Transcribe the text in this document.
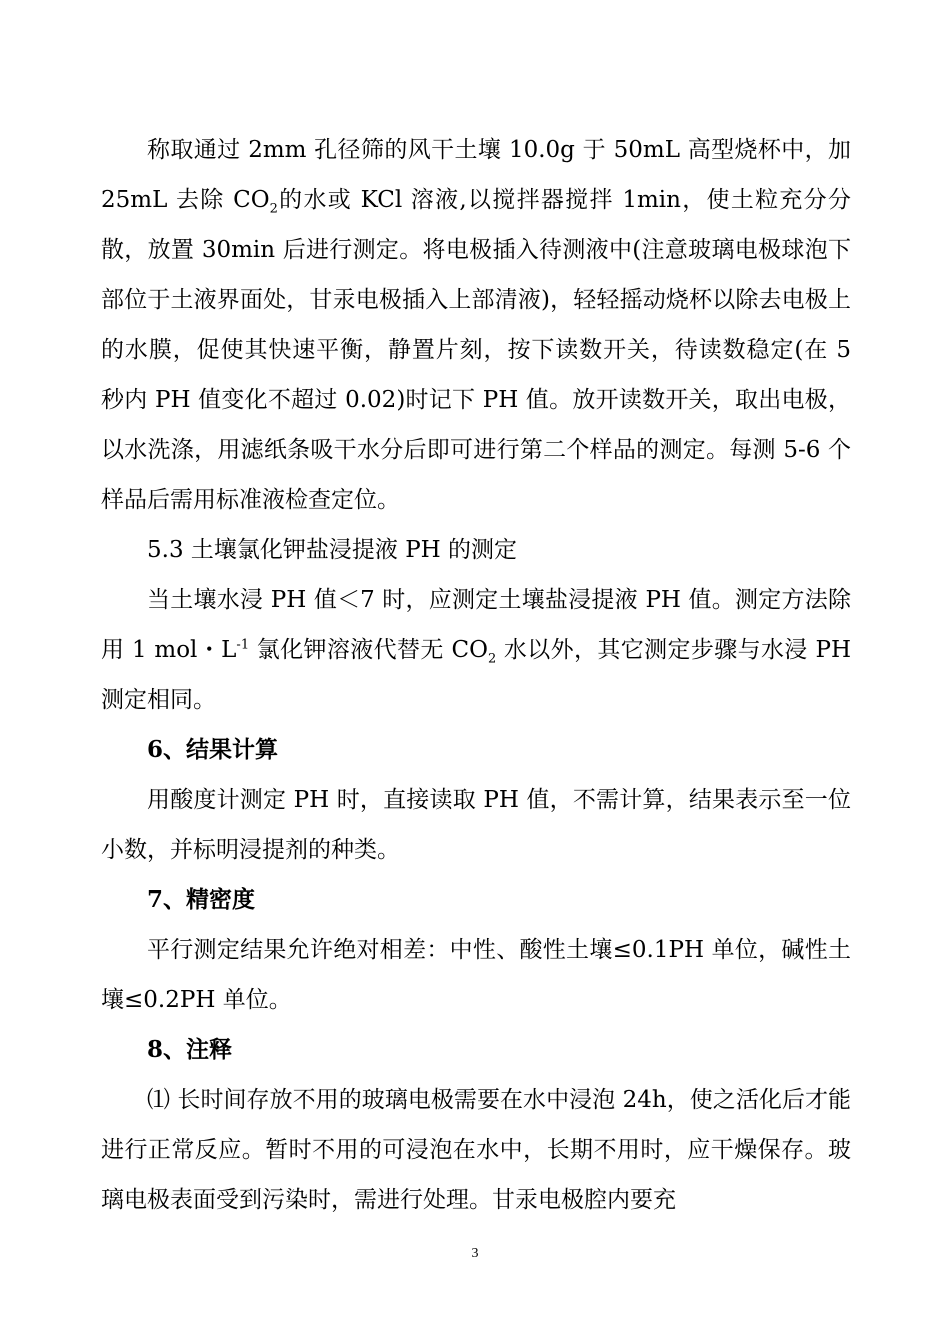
称取通过 2mm 孔径筛的风干土壤 10.0g 于 50mL 高型烧杯中，加 25mL 去除 $CO_2$的水或 KCl 溶液,以搅拌器搅拌 1min，使土粒充分分散，放置 30min 后进行测定。将电极插入待测液中(注意玻璃电极球泡下部位于土液界面处，甘汞电极插入上部清液)，轻轻摇动烧杯以除去电极上的水膜，促使其快速平衡，静置片刻，按下读数开关，待读数稳定(在 5 秒内 PH 值变化不超过 0.02)时记下 PH 值。放开读数开关，取出电极，以水洗涤，用滤纸条吸干水分后即可进行第二个样品的测定。每测 5-6 个样品后需用标准液检查定位。

5.3 土壤氯化钾盐浸提液 PH 的测定

当土壤水浸 PH 值＜7 时，应测定土壤盐浸提液 PH 值。测定方法除用 1 mol・$L^{-1}$ 氯化钾溶液代替无 $CO_2$ 水以外，其它测定步骤与水浸 PH 测定相同。

6、结果计算

用酸度计测定 PH 时，直接读取 PH 值，不需计算，结果表示至一位小数，并标明浸提剂的种类。

7、精密度

平行测定结果允许绝对相差：中性、酸性土壤≤0.1PH 单位，碱性土壤≤0.2PH 单位。

8、注释

⑴ 长时间存放不用的玻璃电极需要在水中浸泡 24h，使之活化后才能进行正常反应。暂时不用的可浸泡在水中，长期不用时，应干燥保存。玻璃电极表面受到污染时，需进行处理。甘汞电极腔内要充

3
